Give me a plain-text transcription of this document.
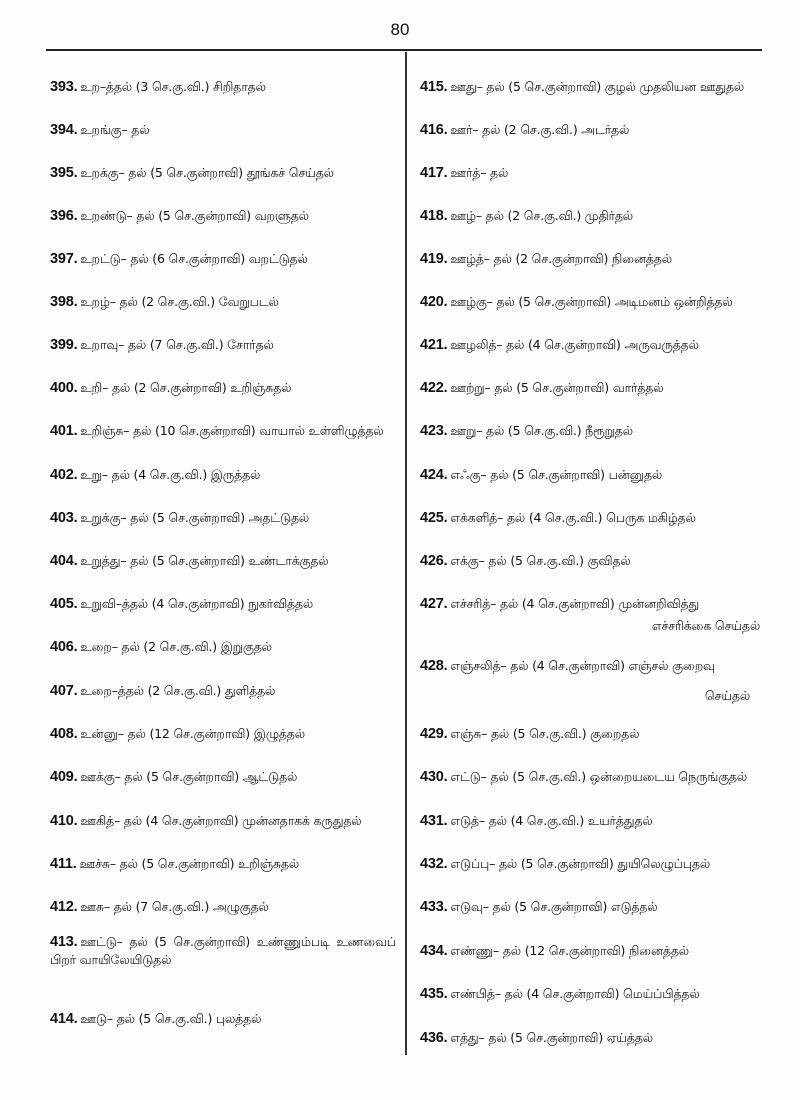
80
393. உற–த்தல் (3 செ.கு.வி.) சிறிதாதல்
394. உறங்கு– தல்
395. உறக்கு– தல் (5 செ.குன்றாவி) தூங்கச் செய்தல்
396. உறண்டு– தல் (5 செ.குன்றாவி) வறளுதல்
397. உறட்டு– தல் (6 செ.குன்றாவி) வறட்டுதல்
398. உறழ்– தல் (2 செ.கு.வி.) வேறுபடல்
399. உறாவு– தல் (7 செ.கு.வி.) சோர்தல்
400. உறி– தல் (2 செ.குன்றாவி) உறிஞ்சுதல்
401. உறிஞ்சு– தல் (10 செ.குன்றாவி) வாயால் உள்ளிழுத்தல்
402. உறு– தல் (4 செ.கு.வி.) இருத்தல்
403. உறுக்கு– தல் (5 செ.குன்றாவி) அதட்டுதல்
404. உறுத்து– தல் (5 செ.குன்றாவி) உண்டாக்குதல்
405. உறுவி–த்தல் (4 செ.குன்றாவி) நுகர்வித்தல்
406. உறை– தல் (2 செ.கு.வி.) இறுகுதல்
407. உறை–த்தல் (2 செ.கு.வி.) துளித்தல்
408. உன்னு– தல் (12 செ.குன்றாவி) இழுத்தல்
409. ஊக்கு– தல் (5 செ.குன்றாவி) ஆட்டுதல்
410. ஊகித்– தல் (4 செ.குன்றாவி) முன்னதாகக் கருதுதல்
411. ஊச்சு– தல் (5 செ.குன்றாவி) உறிஞ்சுதல்
412. ஊசு– தல் (7 செ.கு.வி.) அழுகுதல்
413. ஊட்டு– தல் (5 செ.குன்றாவி) உண்ணும்படி உணவைப் பிறர் வாயிலேயிடுதல்
414. ஊடு– தல் (5 செ.கு.வி.) புலத்தல்
415. ஊது– தல் (5 செ.குன்றாவி) குழல் முதலியன ஊதுதல்
416. ஊர்– தல் (2 செ.கு.வி.) அடர்தல்
417. ஊர்த்– தல்
418. ஊழ்– தல் (2 செ.கு.வி.) முதிர்தல்
419. ஊழ்த்– தல் (2 செ.குன்றாவி) நினைத்தல்
420. ஊழ்கு– தல் (5 செ.குன்றாவி) அடிமனம் ஒன்றித்தல்
421. ஊழலித்– தல் (4 செ.குன்றாவி) அருவருத்தல்
422. ஊற்று– தல் (5 செ.குன்றாவி) வார்த்தல்
423. ஊறு– தல் (5 செ.கு.வி.) நீரூறுதல்
424. எஃகு– தல் (5 செ.குன்றாவி) பன்னுதல்
425. எக்களித்– தல் (4 செ.கு.வி.) பெருக மகிழ்தல்
426. எக்கு– தல் (5 செ.கு.வி.) குவிதல்
427. எச்சரித்– தல் (4 செ.குன்றாவி) முன்னறிவித்து
எச்சரிக்கை செய்தல்
428. எஞ்சலித்– தல் (4 செ.குன்றாவி) எஞ்சல் குறைவு
செய்தல்
429. எஞ்சு– தல் (5 செ.கு.வி.) குறைதல்
430. எட்டு– தல் (5 செ.கு.வி.) ஒன்றையடைய நெருங்குதல்
431. எடுத்– தல் (4 செ.கு.வி.) உயர்த்துதல்
432. எடுப்பு– தல் (5 செ.குன்றாவி) துயிலெழுப்புதல்
433. எடுவு– தல் (5 செ.குன்றாவி) எடுத்தல்
434. எண்ணு– தல் (12 செ.குன்றாவி) நினைத்தல்
435. எண்பித்– தல் (4 செ.குன்றாவி) மெய்ப்பித்தல்
436. எத்து– தல் (5 செ.குன்றாவி) ஏய்த்தல்
